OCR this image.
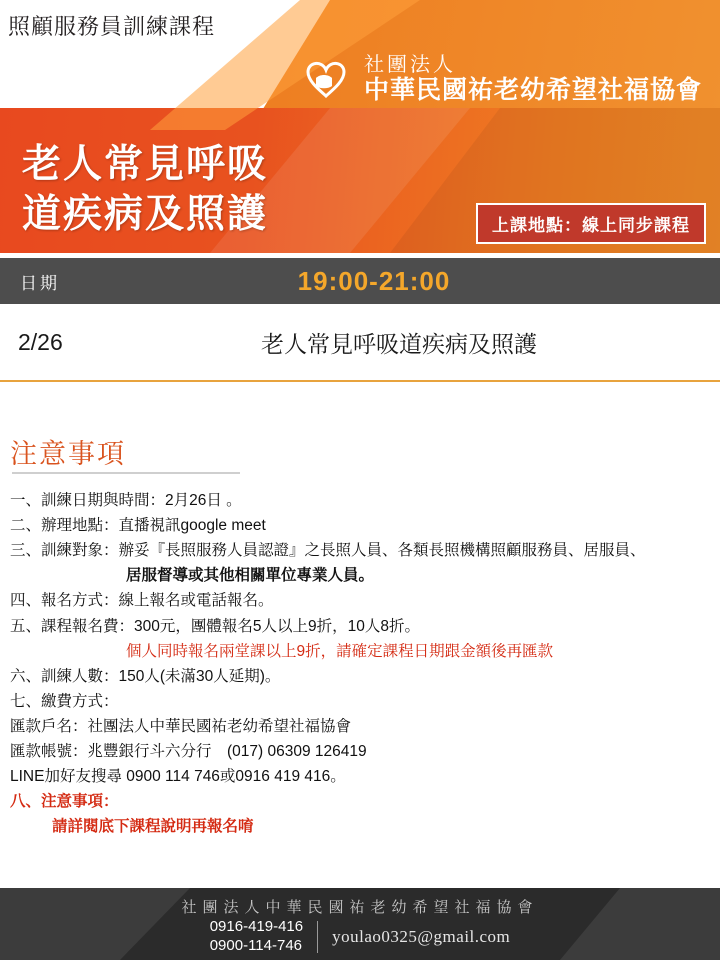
照顧服務員訓練課程
社團法人
中華民國祐老幼希望社福協會
老人常見呼吸
道疾病及照護	上課地點：線上同步課程
日期	19:00-21:00
2/26	老人常見呼吸道疾病及照護
注意事項
一、訓練日期與時間：2月26日 。
二、辦理地點：直播視訊google meet
三、訓練對象：辦妥『長照服務人員認證』之長照人員、各類長照機構照顧服務員、居服員、
居服督導或其他相關單位專業人員。
四、報名方式：線上報名或電話報名。
五、課程報名費：300元，團體報名5人以上9折，10人8折。
個人同時報名兩堂課以上9折，請確定課程日期跟金額後再匯款
六、訓練人數：150人(未滿30人延期)。
七、繳費方式：
匯款戶名：社團法人中華民國祐老幼希望社福協會
匯款帳號：兆豐銀行斗六分行　(017) 06309 126419
LINE加好友搜尋 0900 114 746或0916 419 416。
八、注意事項：
請詳閱底下課程說明再報名唷
社團法人中華民國祐老幼希望社福協會
0916-419-416
0900-114-746 youlao0325@gmail.com
